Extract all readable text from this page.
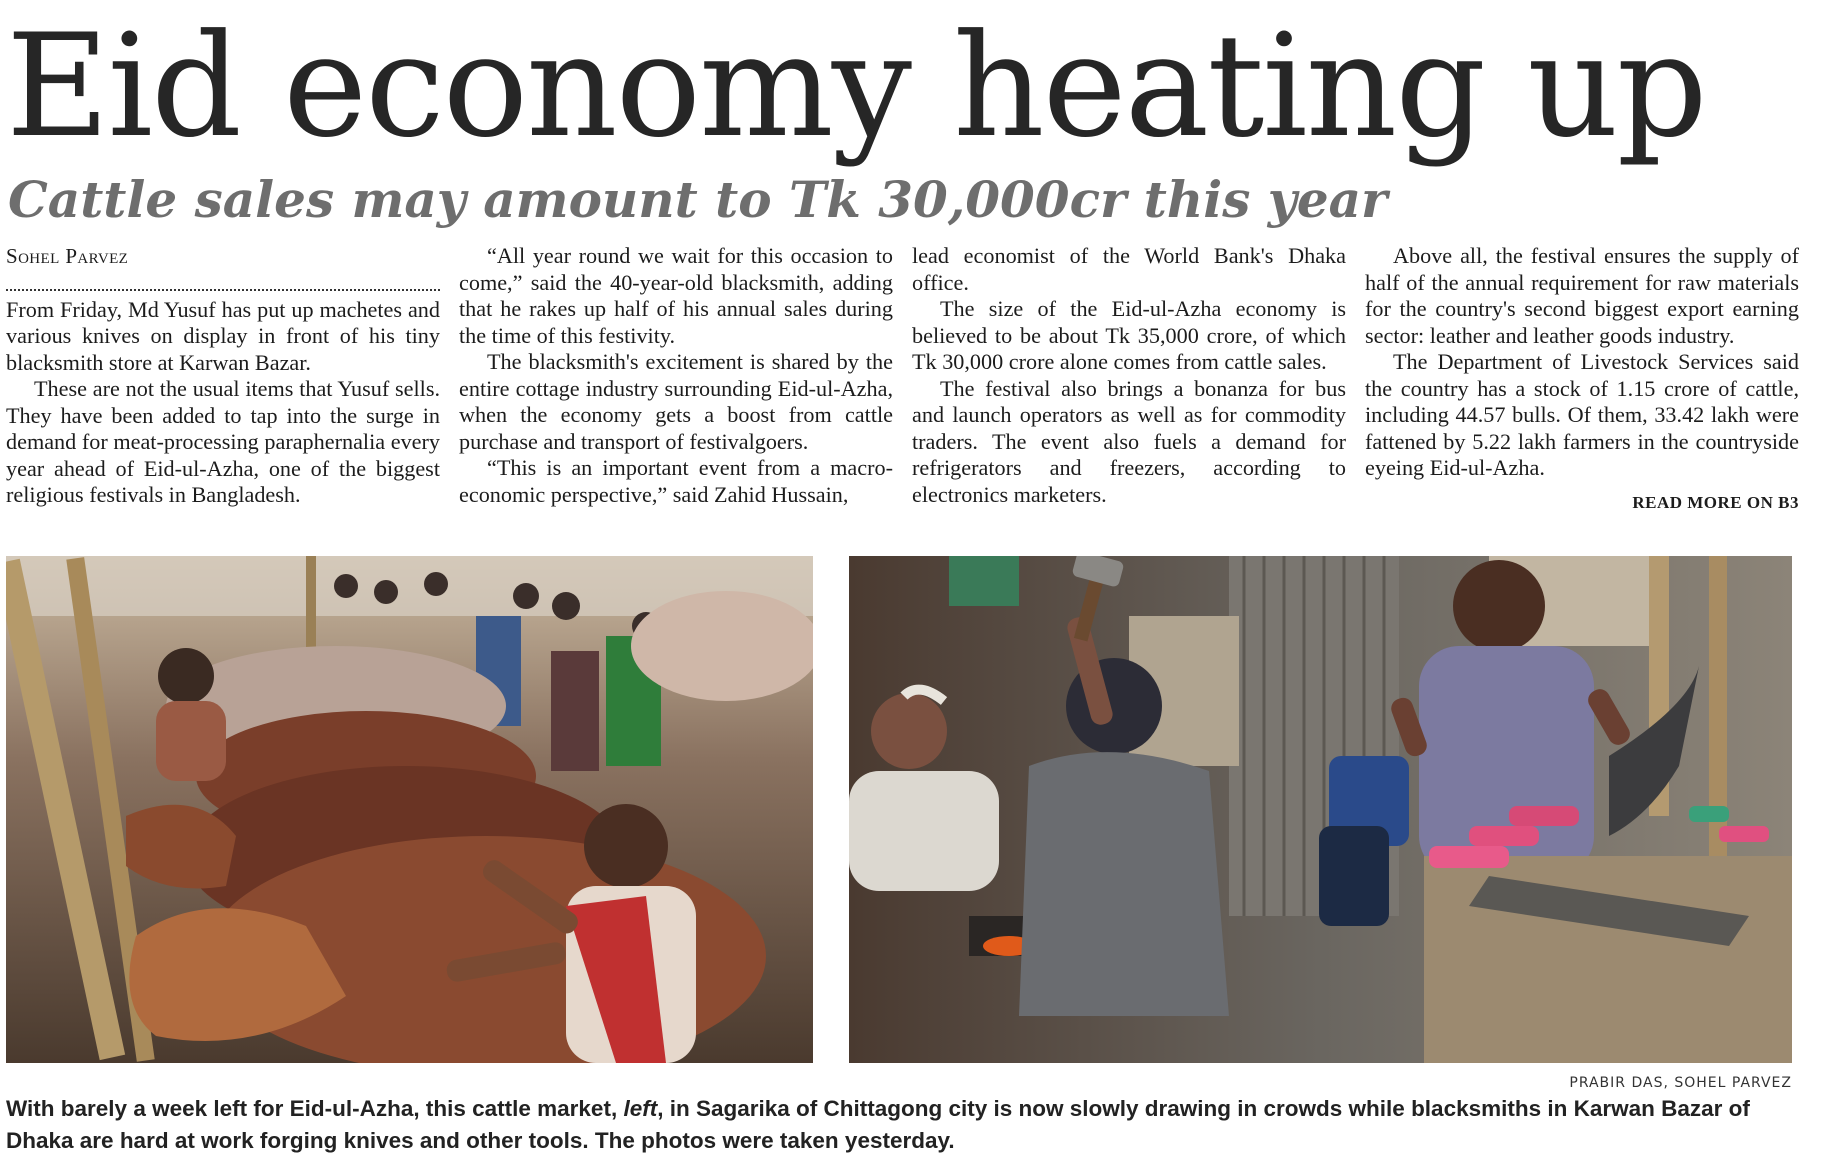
Eid economy heating up
Cattle sales may amount to Tk 30,000cr this year
Sohel Parvez

From Friday, Md Yusuf has put up machetes and various knives on display in front of his tiny blacksmith store at Karwan Bazar.

These are not the usual items that Yusuf sells. They have been added to tap into the surge in demand for meat-processing paraphernalia every year ahead of Eid-ul-Azha, one of the biggest religious festivals in Bangladesh.

“All year round we wait for this occasion to come,” said the 40-year-old blacksmith, adding that he rakes up half of his annual sales during the time of this festivity.

The blacksmith's excitement is shared by the entire cottage industry surrounding Eid-ul-Azha, when the economy gets a boost from cattle purchase and transport of festivalgoers.

“This is an important event from a macro-economic perspective,” said Zahid Hussain,

lead economist of the World Bank's Dhaka office.

The size of the Eid-ul-Azha economy is believed to be about Tk 35,000 crore, of which Tk 30,000 crore alone comes from cattle sales.

The festival also brings a bonanza for bus and launch operators as well as for commodity traders. The event also fuels a demand for refrigerators and freezers, according to electronics marketers.

Above all, the festival ensures the supply of half of the annual requirement for raw materials for the country's second biggest export earning sector: leather and leather goods industry.

The Department of Livestock Services said the country has a stock of 1.15 crore of cattle, including 44.57 bulls. Of them, 33.42 lakh were fattened by 5.22 lakh farmers in the countryside eyeing Eid-ul-Azha.

READ MORE ON B3
PRABIR DAS, SOHEL PARVEZ
With barely a week left for Eid-ul-Azha, this cattle market, left, in Sagarika of Chittagong city is now slowly drawing in crowds while blacksmiths in Karwan Bazar of Dhaka are hard at work forging knives and other tools. The photos were taken yesterday.
